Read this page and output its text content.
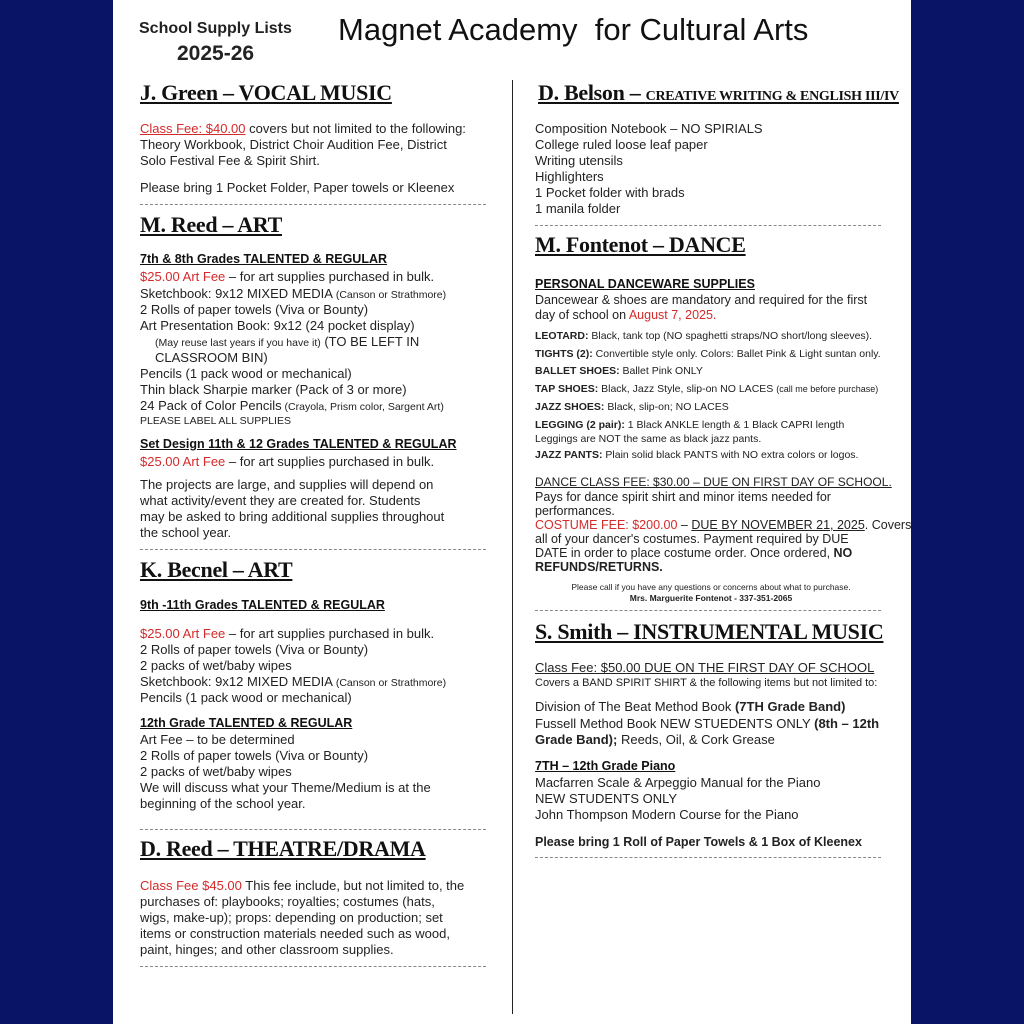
School Supply Lists
2025-26
Magnet Academy  for Cultural Arts
J. Green – VOCAL MUSIC
Class Fee: $40.00 covers but not limited to the following:
Theory Workbook, District Choir Audition Fee, District
Solo Festival Fee & Spirit Shirt.
Please bring 1 Pocket Folder, Paper towels or Kleenex
M. Reed – ART
7th & 8th Grades TALENTED & REGULAR
$25.00 Art Fee – for art supplies purchased in bulk.
Sketchbook: 9x12 MIXED MEDIA (Canson or Strathmore)
2 Rolls of paper towels (Viva or Bounty)
Art Presentation Book: 9x12 (24 pocket display)
(May reuse last years if you have it) (TO BE LEFT IN
CLASSROOM BIN)
Pencils (1 pack wood or mechanical)
Thin black Sharpie marker (Pack of 3 or more)
24 Pack of Color Pencils (Crayola, Prism color, Sargent Art)
PLEASE LABEL ALL SUPPLIES
Set Design 11th & 12 Grades TALENTED & REGULAR
$25.00 Art Fee – for art supplies purchased in bulk.
The projects are large, and supplies will depend on
what activity/event they are created for. Students
may be asked to bring additional supplies throughout
the school year.
K. Becnel – ART
9th -11th Grades TALENTED & REGULAR
$25.00 Art Fee – for art supplies purchased in bulk.
2 Rolls of paper towels (Viva or Bounty)
2 packs of wet/baby wipes
Sketchbook: 9x12 MIXED MEDIA (Canson or Strathmore)
Pencils (1 pack wood or mechanical)
12th Grade TALENTED & REGULAR
Art Fee – to be determined
2 Rolls of paper towels (Viva or Bounty)
2 packs of wet/baby wipes
We will discuss what your Theme/Medium is at the
beginning of the school year.
D. Reed – THEATRE/DRAMA
Class Fee $45.00 This fee include, but not limited to, the
purchases of: playbooks; royalties; costumes (hats,
wigs, make-up); props: depending on production; set
items or construction materials needed such as wood,
paint, hinges; and other classroom supplies.
D. Belson – CREATIVE WRITING & ENGLISH III/IV
Composition Notebook – NO SPIRIALS
College ruled loose leaf paper
Writing utensils
Highlighters
1 Pocket folder with brads
1 manila folder
M. Fontenot – DANCE
PERSONAL DANCEWARE SUPPLIES
Dancewear & shoes are mandatory and required for the first
day of school on August 7, 2025.
LEOTARD: Black, tank top (NO spaghetti straps/NO short/long sleeves).
TIGHTS (2): Convertible style only. Colors: Ballet Pink & Light suntan only.
BALLET SHOES: Ballet Pink ONLY
TAP SHOES: Black, Jazz Style, slip-on NO LACES (call me before purchase)
JAZZ SHOES: Black, slip-on; NO LACES
LEGGING (2 pair): 1 Black ANKLE length & 1 Black CAPRI length
Leggings are NOT the same as black jazz pants.
JAZZ PANTS: Plain solid black PANTS with NO extra colors or logos.
DANCE CLASS FEE: $30.00 – DUE ON FIRST DAY OF SCHOOL.
Pays for dance spirit shirt and minor items needed for
performances.
COSTUME FEE: $200.00 – DUE BY NOVEMBER 21, 2025. Covers
all of your dancer's costumes. Payment required by DUE
DATE in order to place costume order. Once ordered, NO
REFUNDS/RETURNS.
Please call if you have any questions or concerns about what to purchase.
Mrs. Marguerite Fontenot - 337-351-2065
S. Smith – INSTRUMENTAL MUSIC
Class Fee: $50.00 DUE ON THE FIRST DAY OF SCHOOL
Covers a BAND SPIRIT SHIRT & the following items but not limited to:
Division of The Beat Method Book (7TH Grade Band)
Fussell Method Book NEW STUEDENTS ONLY (8th – 12th
Grade Band); Reeds, Oil, & Cork Grease
7TH – 12th Grade Piano
Macfarren Scale & Arpeggio Manual for the Piano
NEW STUDENTS ONLY
John Thompson Modern Course for the Piano
Please bring 1 Roll of Paper Towels & 1 Box of Kleenex
